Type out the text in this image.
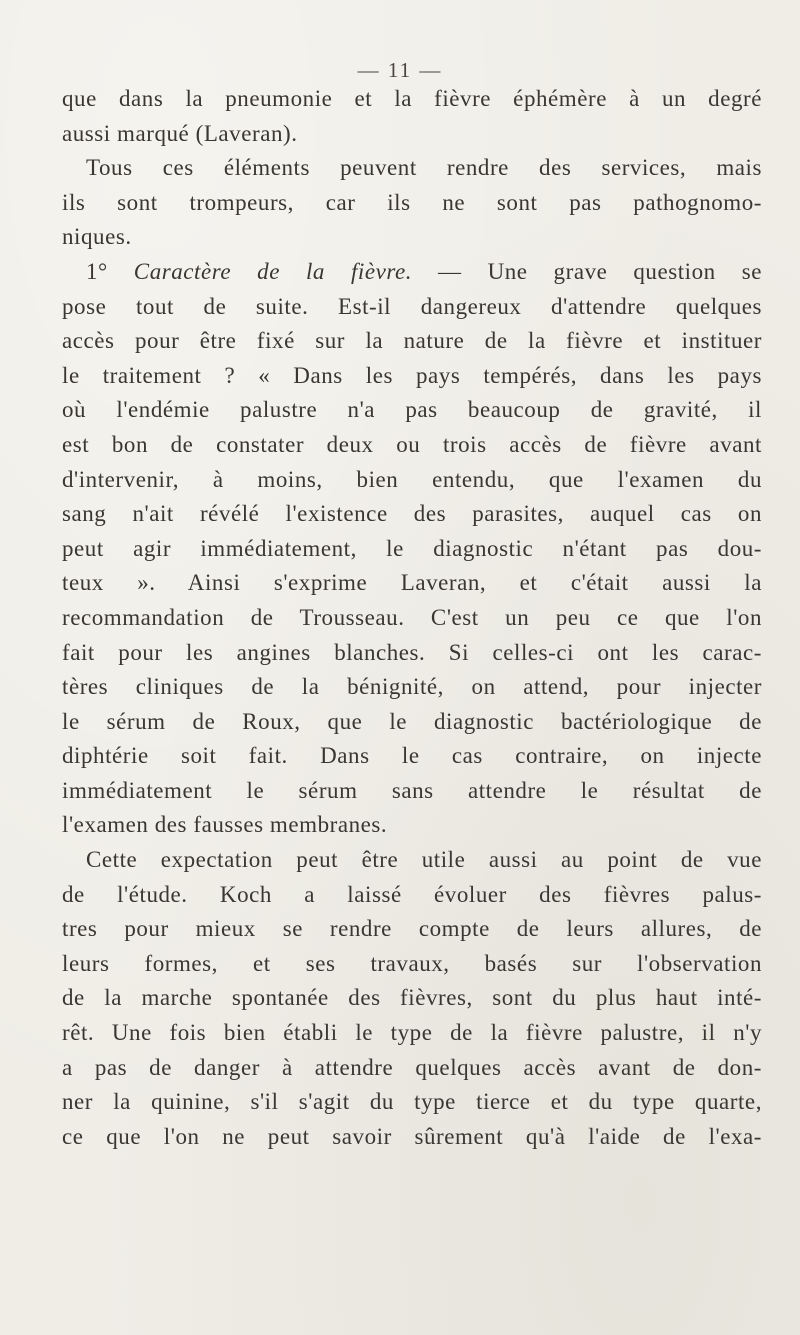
— 11 —
que dans la pneumonie et la fièvre éphémère à un degré
aussi marqué (Laveran).
Tous ces éléments peuvent rendre des services, mais
ils sont trompeurs, car ils ne sont pas pathognomo-
niques.
1° Caractère de la fièvre. — Une grave question se
pose tout de suite. Est-il dangereux d'attendre quelques
accès pour être fixé sur la nature de la fièvre et instituer
le traitement ? « Dans les pays tempérés, dans les pays
où l'endémie palustre n'a pas beaucoup de gravité, il
est bon de constater deux ou trois accès de fièvre avant
d'intervenir, à moins, bien entendu, que l'examen du
sang n'ait révélé l'existence des parasites, auquel cas on
peut agir immédiatement, le diagnostic n'étant pas dou-
teux ». Ainsi s'exprime Laveran, et c'était aussi la
recommandation de Trousseau. C'est un peu ce que l'on
fait pour les angines blanches. Si celles-ci ont les carac-
tères cliniques de la bénignité, on attend, pour injecter
le sérum de Roux, que le diagnostic bactériologique de
diphtérie soit fait. Dans le cas contraire, on injecte
immédiatement le sérum sans attendre le résultat de
l'examen des fausses membranes.
Cette expectation peut être utile aussi au point de vue
de l'étude. Koch a laissé évoluer des fièvres palus-
tres pour mieux se rendre compte de leurs allures, de
leurs formes, et ses travaux, basés sur l'observation
de la marche spontanée des fièvres, sont du plus haut inté-
rêt. Une fois bien établi le type de la fièvre palustre, il n'y
a pas de danger à attendre quelques accès avant de don-
ner la quinine, s'il s'agit du type tierce et du type quarte,
ce que l'on ne peut savoir sûrement qu'à l'aide de l'exa-
